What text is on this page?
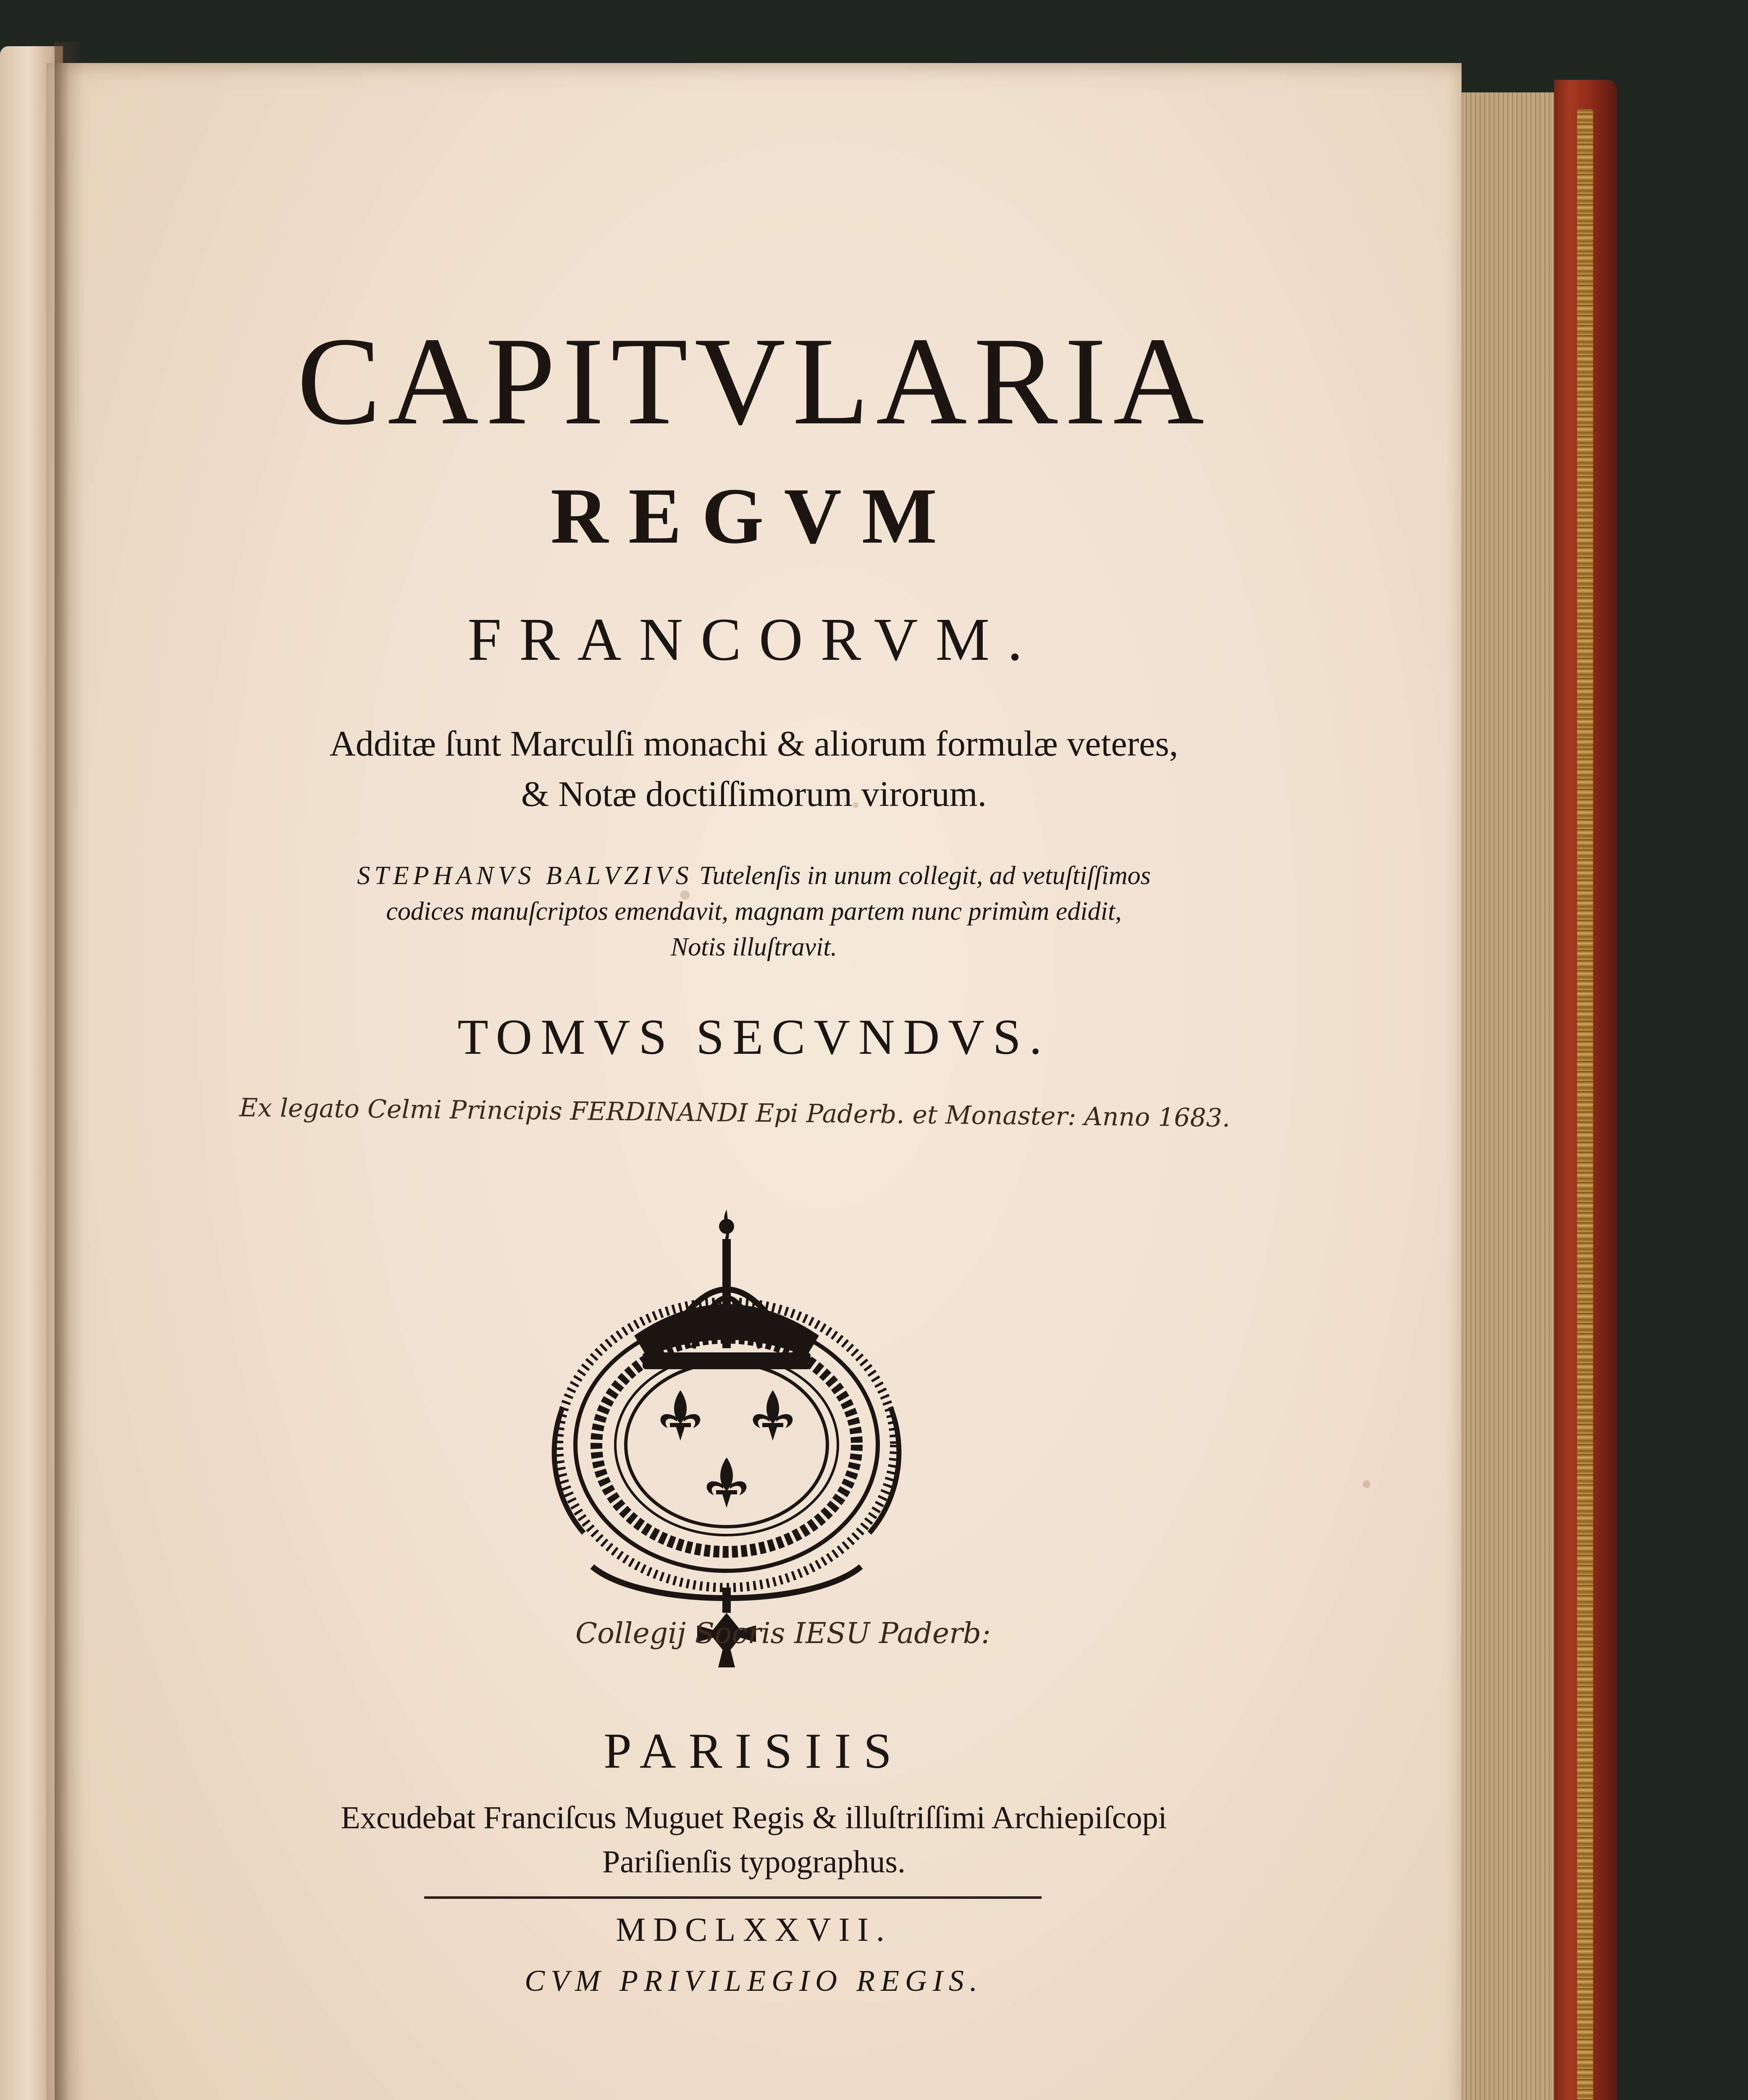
CAPITVLARIA
REGVM
FRANCORVM.
Additæ ſunt Marculſi monachi & aliorum formulæ veteres,
& Notæ doctiſſimorum virorum.
STEPHANVS BALVZIVS Tutelenſis in unum collegit, ad vetuſtiſſimos
codices manuſcriptos emendavit, magnam partem nunc primùm edidit,
Notis illuſtravit.
TOMVS SECVNDVS.
Ex legato Celmi Principis FERDINANDI Epi Paderb. et Monaster: Anno 1683.
Collegij Socris IESU Paderb:
PARISIIS
Excudebat Franciſcus Muguet Regis & illuſtriſſimi Archiepiſcopi
Pariſienſis typographus.
MDCLXXVII.
CVM PRIVILEGIO REGIS.
